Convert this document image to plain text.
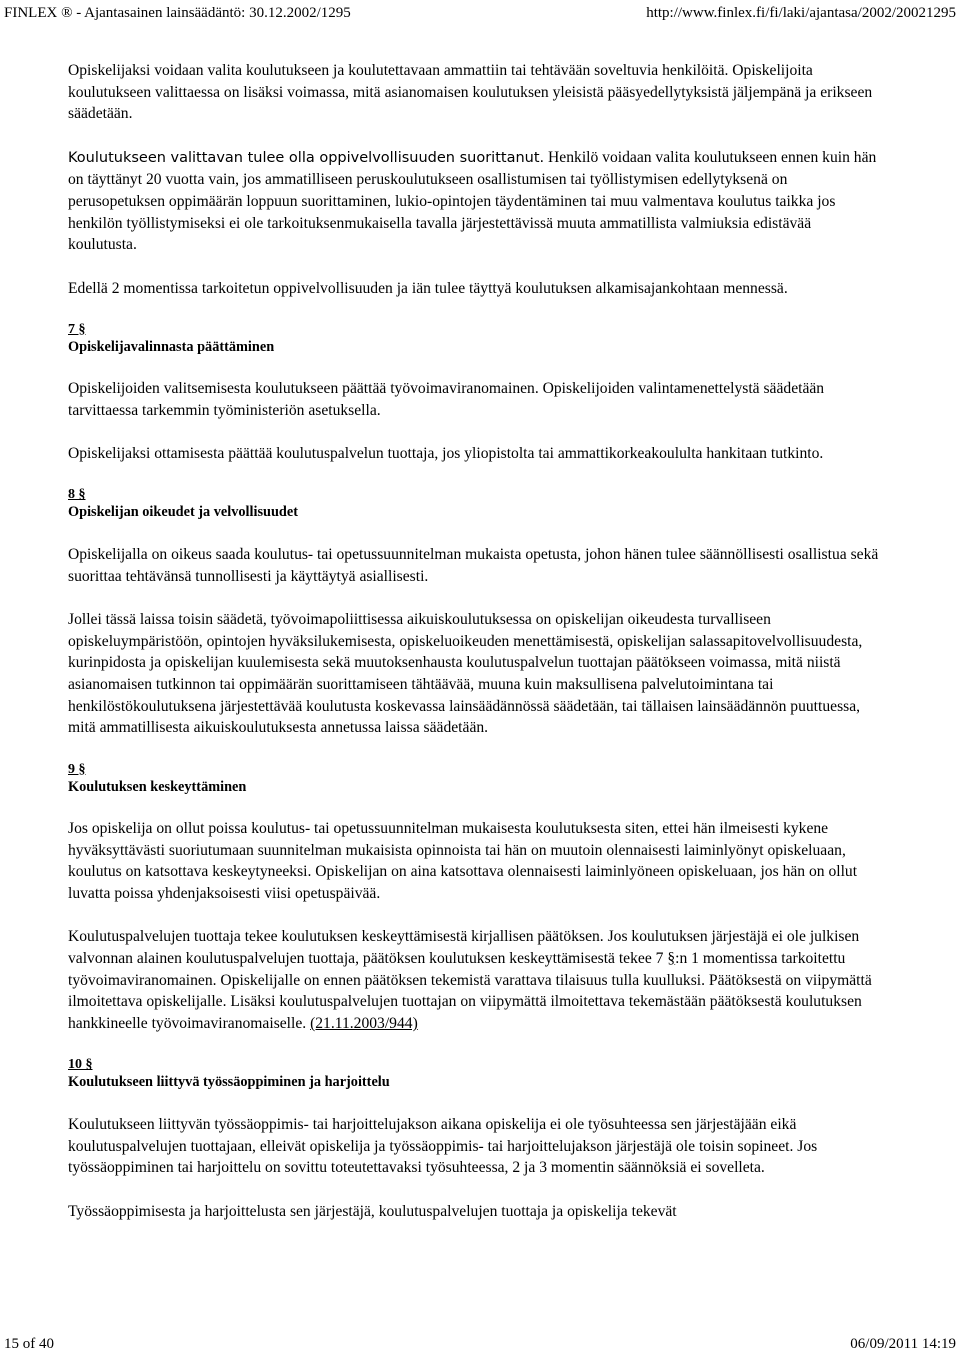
FINLEX ® - Ajantasainen lainsäädäntö: 30.12.2002/1295	http://www.finlex.fi/fi/laki/ajantasa/2002/20021295

Opiskelijaksi voidaan valita koulutukseen ja koulutettavaan ammattiin tai tehtävään soveltuvia henkilöitä. Opiskelijoita koulutukseen valittaessa on lisäksi voimassa, mitä asianomaisen koulutuksen yleisistä pääsyedellytyksistä jäljempänä ja erikseen säädetään.

Koulutukseen valittavan tulee olla oppivelvollisuuden suorittanut. Henkilö voidaan valita koulutukseen ennen kuin hän on täyttänyt 20 vuotta vain, jos ammatilliseen peruskoulutukseen osallistumisen tai työllistymisen edellytyksenä on perusopetuksen oppimäärän loppuun suorittaminen, lukio-opintojen täydentäminen tai muu valmentava koulutus taikka jos henkilön työllistymiseksi ei ole tarkoituksenmukaisella tavalla järjestettävissä muuta ammatillista valmiuksia edistävää koulutusta.

Edellä 2 momentissa tarkoitetun oppivelvollisuuden ja iän tulee täyttyä koulutuksen alkamisajankohtaan mennessä.

7 §
Opiskelijavalinnasta päättäminen

Opiskelijoiden valitsemisesta koulutukseen päättää työvoimaviranomainen. Opiskelijoiden valintamenettelystä säädetään tarvittaessa tarkemmin työministeriön asetuksella.

Opiskelijaksi ottamisesta päättää koulutuspalvelun tuottaja, jos yliopistolta tai ammattikorkeakoululta hankitaan tutkinto.

8 §
Opiskelijan oikeudet ja velvollisuudet

Opiskelijalla on oikeus saada koulutus- tai opetussuunnitelman mukaista opetusta, johon hänen tulee säännöllisesti osallistua sekä suorittaa tehtävänsä tunnollisesti ja käyttäytyä asiallisesti.

Jollei tässä laissa toisin säädetä, työvoimapoliittisessa aikuiskoulutuksessa on opiskelijan oikeudesta turvalliseen opiskeluympäristöön, opintojen hyväksilukemisesta, opiskeluoikeuden menettämisestä, opiskelijan salassapitovelvollisuudesta, kurinpidosta ja opiskelijan kuulemisesta sekä muutoksenhausta koulutuspalvelun tuottajan päätökseen voimassa, mitä niistä asianomaisen tutkinnon tai oppimäärän suorittamiseen tähtäävää, muuna kuin maksullisena palvelutoimintana tai henkilöstökoulutuksena järjestettävää koulutusta koskevassa lainsäädännössä säädetään, tai tällaisen lainsäädännön puuttuessa, mitä ammatillisesta aikuiskoulutuksesta annetussa laissa säädetään.

9 §
Koulutuksen keskeyttäminen

Jos opiskelija on ollut poissa koulutus- tai opetussuunnitelman mukaisesta koulutuksesta siten, ettei hän ilmeisesti kykene hyväksyttävästi suoriutumaan suunnitelman mukaisista opinnoista tai hän on muutoin olennaisesti laiminlyönyt opiskeluaan, koulutus on katsottava keskeytyneeksi. Opiskelijan on aina katsottava olennaisesti laiminlyöneen opiskeluaan, jos hän on ollut luvatta poissa yhdenjaksoisesti viisi opetuspäivää.

Koulutuspalvelujen tuottaja tekee koulutuksen keskeyttämisestä kirjallisen päätöksen. Jos koulutuksen järjestäjä ei ole julkisen valvonnan alainen koulutuspalvelujen tuottaja, päätöksen koulutuksen keskeyttämisestä tekee 7 §:n 1 momentissa tarkoitettu työvoimaviranomainen. Opiskelijalle on ennen päätöksen tekemistä varattava tilaisuus tulla kuulluksi. Päätöksestä on viipymättä ilmoitettava opiskelijalle. Lisäksi koulutuspalvelujen tuottajan on viipymättä ilmoitettava tekemästään päätöksestä koulutuksen hankkineelle työvoimaviranomaiselle. (21.11.2003/944)

10 §
Koulutukseen liittyvä työssäoppiminen ja harjoittelu

Koulutukseen liittyvän työssäoppimis- tai harjoittelujakson aikana opiskelija ei ole työsuhteessa sen järjestäjään eikä koulutuspalvelujen tuottajaan, elleivät opiskelija ja työssäoppimis- tai harjoittelujakson järjestäjä ole toisin sopineet. Jos työssäoppiminen tai harjoittelu on sovittu toteutettavaksi työsuhteessa, 2 ja 3 momentin säännöksiä ei sovelleta.

Työssäoppimisesta ja harjoittelusta sen järjestäjä, koulutuspalvelujen tuottaja ja opiskelija tekevät

15 of 40	06/09/2011 14:19
